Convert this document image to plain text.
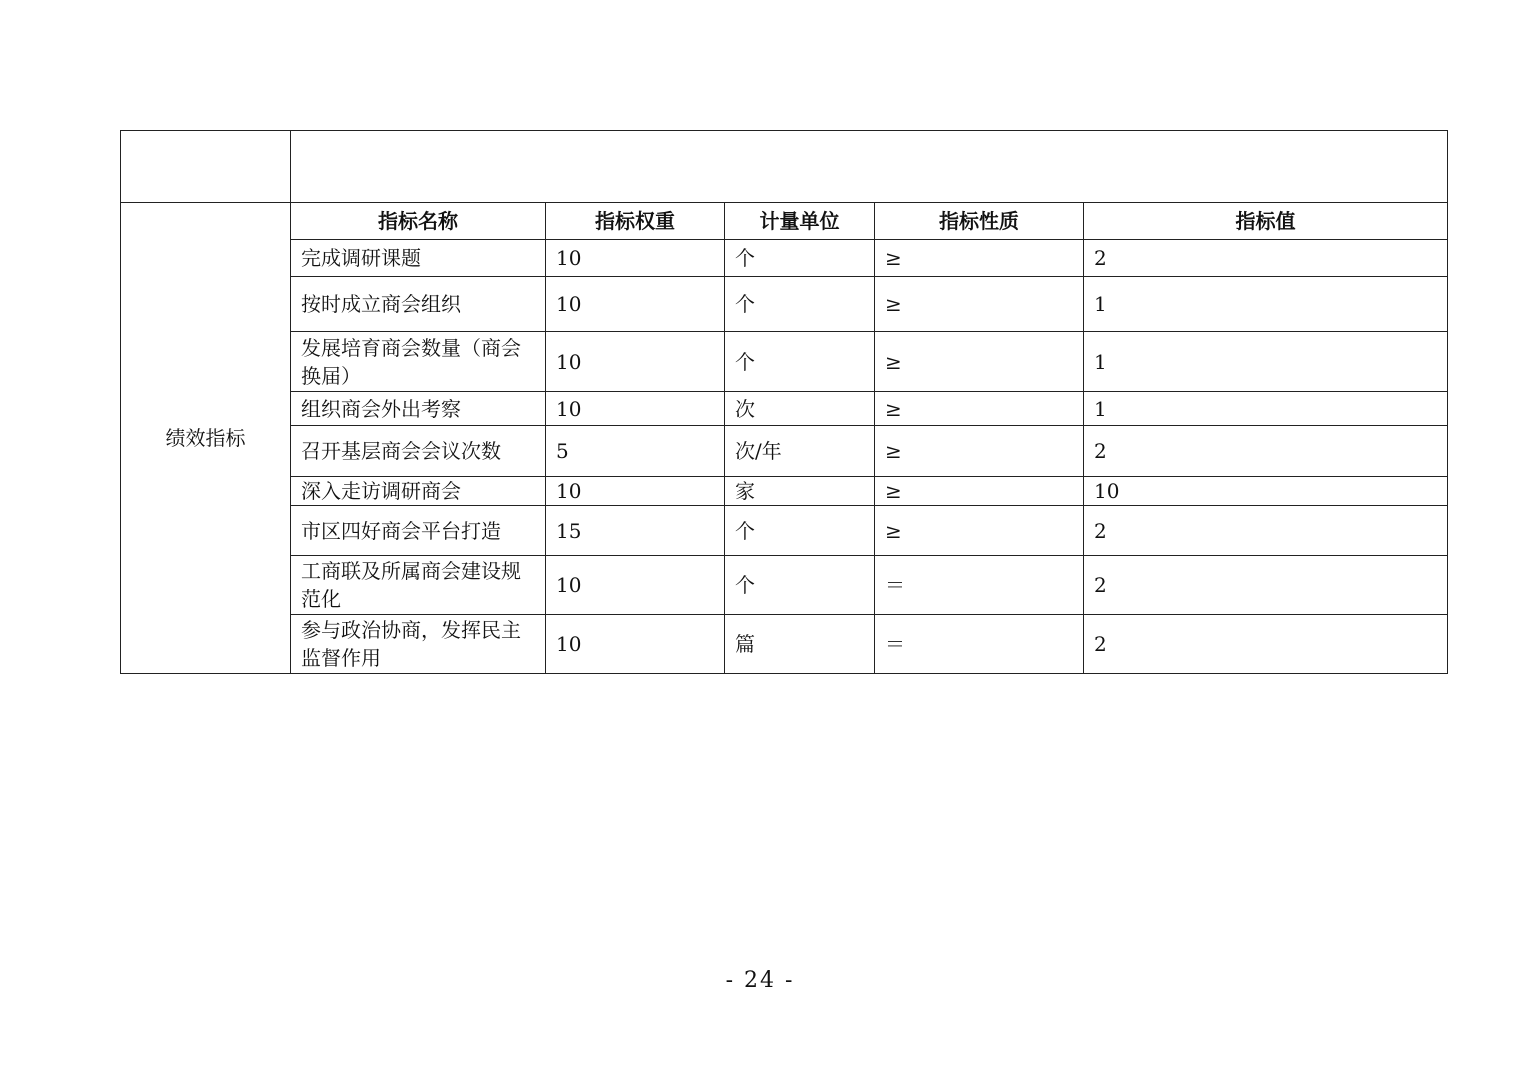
绩效指标	指标名称	指标权重	计量单位	指标性质	指标值
	完成调研课题	10	个	≥	2
	按时成立商会组织	10	个	≥	1
	发展培育商会数量（商会换届）	10	个	≥	1
	组织商会外出考察	10	次	≥	1
	召开基层商会会议次数	5	次/年	≥	2
	深入走访调研商会	10	家	≥	10
	市区四好商会平台打造	15	个	≥	2
	工商联及所属商会建设规范化	10	个	＝	2
	参与政治协商，发挥民主监督作用	10	篇	＝	2
- 24 -
